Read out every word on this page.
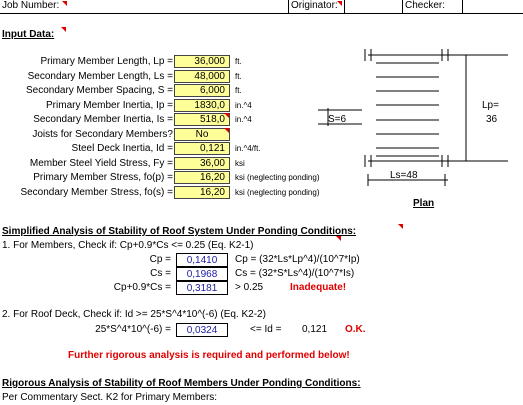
Job Number:	Originator:	Checker:
Input Data:
Primary Member Length, Lp =	36,000	ft.
Secondary Member Length, Ls =	48,000	ft.
Secondary Member Spacing, S =	6,000	ft.
Primary Member Inertia, Ip =	1830,0	in.^4
Secondary Member Inertia, Is =	518,0	in.^4
Joists for Secondary Members?	No
Steel Deck Inertia, Id =	0,121	in.^4/ft.
Member Steel Yield Stress, Fy =	36,00	ksi
Primary Member Stress, fo(p) =	16,20	ksi (neglecting ponding)
Secondary Member Stress, fo(s) =	16,20	ksi (neglecting ponding)
Lp=
36
S=6
Ls=48
Plan
Simplified Analysis of Stability of Roof System Under Ponding Conditions:
1. For Members, Check if: Cp+0.9*Cs <= 0.25 (Eq. K2-1)
Cp =	0,1410	Cp = (32*Ls*Lp^4)/(10^7*Ip)
Cs =	0,1968	Cs = (32*S*Ls^4)/(10^7*Is)
Cp+0.9*Cs =	0,3181	> 0.25	Inadequate!
2. For Roof Deck, Check if: Id >= 25*S^4*10^(-6) (Eq. K2-2)
25*S^4*10^(-6) =	0,0324	<= Id = 0,121 O.K.
Further rigorous analysis is required and performed below!
Rigorous Analysis of Stability of Roof Members Under Ponding Conditions:
Per Commentary Sect. K2 for Primary Members:
